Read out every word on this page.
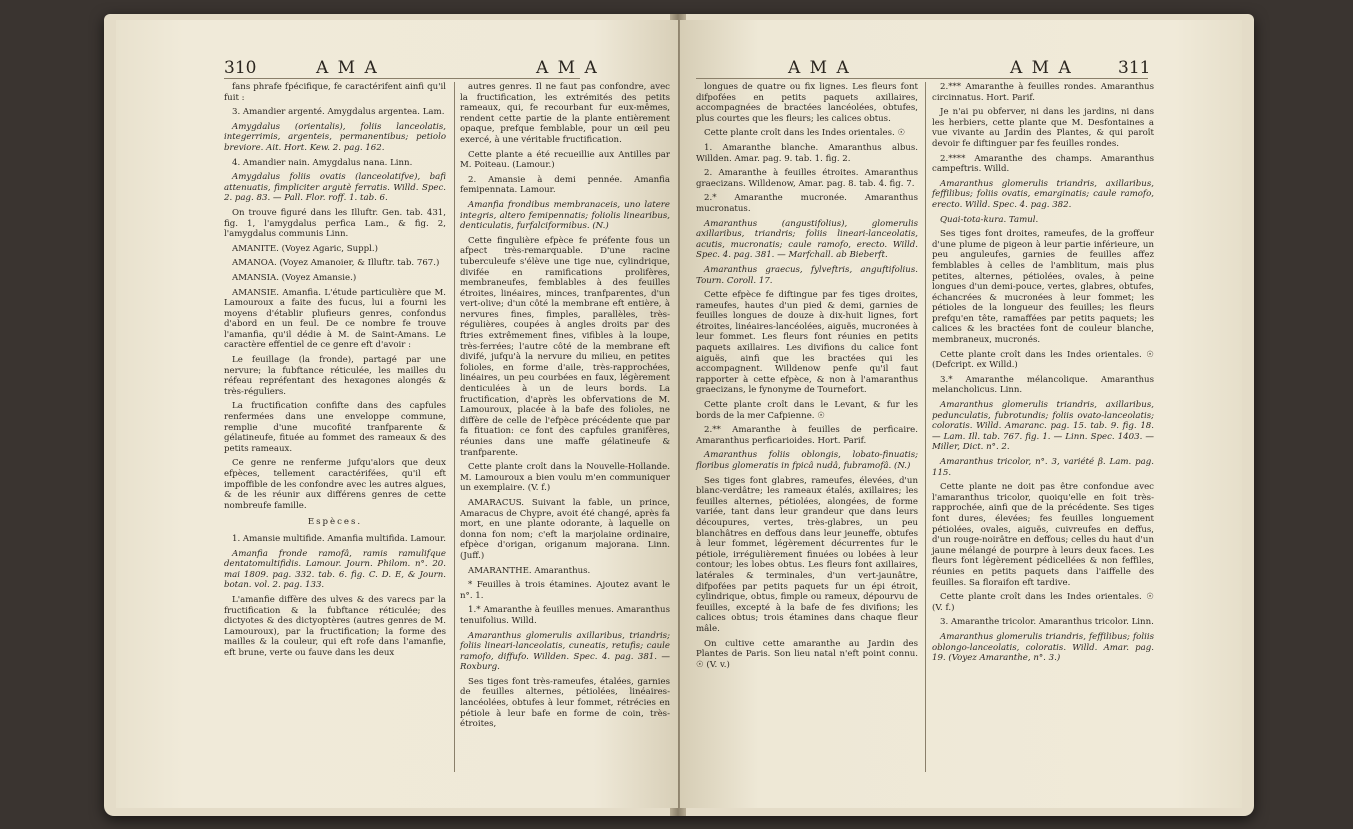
310	A M A	A M A

fans phrafe fpécifique, fe caractérifent ainfi qu'il fuit :

3. Amandier argenté. Amygdalus argentea. Lam.

Amygdalus (orientalis), foliis lanceolatis, integerrimis, argenteis, permanentibus; petiolo breviore. Ait. Hort. Kew. 2. pag. 162.

4. Amandier nain. Amygdalus nana. Linn.

Amygdalus foliis ovatis (lanceolatifve), bafi attenuatis, fimpliciter argutè ferratis. Willd. Spec. 2. pag. 83. — Pall. Flor. roff. 1. tab. 6.

On trouve figuré dans les Illuftr. Gen. tab. 431, fig. 1, l'amygdalus perfica Lam., & fig. 2, l'amygdalus communis Linn.

AMANITE. (Voyez Agaric, Suppl.)

AMANOA. (Voyez Amanoier, & Illuftr. tab. 767.)

AMANSIA. (Voyez Amansie.)

AMANSIE. Amanfia. L'étude particulière que M. Lamouroux a faite des fucus, lui a fourni les moyens d'établir plufieurs genres, confondus d'abord en un feul. De ce nombre fe trouve l'amanfia, qu'il dédie à M. de Saint-Amans. Le caractère effentiel de ce genre eft d'avoir :

Le feuillage (la fronde), partagé par une nervure; la fubftance réticulée, les mailles du réfeau repréfentant des hexagones alongés & très-réguliers.

La fructification confifte dans des capfules renfermées dans une enveloppe commune, remplie d'une mucofité tranfparente & gélatineufe, fituée au fommet des rameaux & des petits rameaux.

Ce genre ne renferme jufqu'alors que deux efpèces, tellement caractérifées, qu'il eft impoffible de les confondre avec les autres algues, & de les réunir aux différens genres de cette nombreufe famille.

Espèces.

1. Amansie multifide. Amanfia multifida. Lamour.

Amanfia fronde ramofâ, ramis ramulifque dentatomultifidis. Lamour. Journ. Philom. n°. 20. mai 1809. pag. 332. tab. 6. fig. C. D. E, & Journ. botan. vol. 2. pag. 133.

L'amanfie diffère des ulves & des varecs par la fructification & la fubftance réticulée; des dictyotes & des dictyoptères (autres genres de M. Lamouroux), par la fructification; la forme des mailles & la couleur, qui eft rofe dans l'amanfie, eft brune, verte ou fauve dans les deux

autres genres. Il ne faut pas confondre, avec la fructification, les extrémités des petits rameaux, qui, fe recourbant fur eux-mêmes, rendent cette partie de la plante entièrement opaque, prefque femblable, pour un œil peu exercé, à une véritable fructification.

Cette plante a été recueillie aux Antilles par M. Poiteau. (Lamour.)

2. Amansie à demi pennée. Amanfia femipennata. Lamour.

Amanfia frondibus membranaceis, uno latere integris, altero femipennatis; foliolis linearibus, denticulatis, furfalciformibus. (N.)

Cette fingulière efpèce fe préfente fous un afpect très-remarquable. D'une racine tuberculeufe s'élève une tige nue, cylindrique, divifée en ramifications prolifères, membraneufes, femblables à des feuilles étroites, linéaires, minces, tranfparentes, d'un vert-olive; d'un côté la membrane eft entière, à nervures fines, fimples, parallèles, très-régulières, coupées à angles droits par des ftries extrêmement fines, vifibles à la loupe, très-ferrées; l'autre côté de la membrane eft divifé, jufqu'à la nervure du milieu, en petites folioles, en forme d'aile, très-rapprochées, linéaires, un peu courbées en faux, légèrement denticulées à un de leurs bords. La fructification, d'après les obfervations de M. Lamouroux, placée à la bafe des folioles, ne diffère de celle de l'efpèce précédente que par fa fituation: ce font des capfules granifères, réunies dans une maffe gélatineufe & tranfparente.

Cette plante croît dans la Nouvelle-Hollande. M. Lamouroux a bien voulu m'en communiquer un exemplaire. (V. f.)

AMARACUS. Suivant la fable, un prince, Amaracus de Chypre, avoit été changé, après fa mort, en une plante odorante, à laquelle on donna fon nom; c'eft la marjolaine ordinaire, efpèce d'origan, origanum majorana. Linn. (Juff.)

AMARANTHE. Amaranthus.

* Feuilles à trois étamines. Ajoutez avant le n°. 1.

1.* Amaranthe à feuilles menues. Amaranthus tenuifolius. Willd.

Amaranthus glomerulis axillaribus, triandris; foliis lineari-lanceolatis, cuneatis, retufis; caule ramofo, diffufo. Willden. Spec. 4. pag. 381. — Roxburg.

Ses tiges font très-rameufes, étalées, garnies de feuilles alternes, pétiolées, linéaires-lancéolées, obtufes à leur fommet, rétrécies en pétiole à leur bafe en forme de coin, très-étroites,

A M A	A M A	311

longues de quatre ou fix lignes. Les fleurs font difpofées en petits paquets axillaires, accompagnées de bractées lancéolées, obtufes, plus courtes que les fleurs; les calices obtus.

Cette plante croît dans les Indes orientales. ☉

1. Amaranthe blanche. Amaranthus albus. Willden. Amar. pag. 9. tab. 1. fig. 2.

2. Amaranthe à feuilles étroites. Amaranthus graecizans. Willdenow, Amar. pag. 8. tab. 4. fig. 7.

2.* Amaranthe mucronée. Amaranthus mucronatus.

Amaranthus (angustifolius), glomerulis axillaribus, triandris; foliis lineari-lanceolatis, acutis, mucronatis; caule ramofo, erecto. Willd. Spec. 4. pag. 381. — Marfchall. ab Bieberft.

Amaranthus graecus, fylveftris, anguftifolius. Tourn. Coroll. 17.

Cette efpèce fe diftingue par fes tiges droites, rameufes, hautes d'un pied & demi, garnies de feuilles longues de douze à dix-huit lignes, fort étroites, linéaires-lancéolées, aiguës, mucronées à leur fommet. Les fleurs font réunies en petits paquets axillaires. Les divifions du calice font aiguës, ainfi que les bractées qui les accompagnent. Willdenow penfe qu'il faut rapporter à cette efpèce, & non à l'amaranthus graecizans, le fynonyme de Tournefort.

Cette plante croît dans le Levant, & fur les bords de la mer Cafpienne. ☉

2.** Amaranthe à feuilles de perficaire. Amaranthus perficarioides. Hort. Parif.

Amaranthus foliis oblongis, lobato-finuatis; floribus glomeratis in fpicâ nudâ, fubramofâ. (N.)

Ses tiges font glabres, rameufes, élevées, d'un blanc-verdâtre; les rameaux étalés, axillaires; les feuilles alternes, pétiolées, alongées, de forme variée, tant dans leur grandeur que dans leurs découpures, vertes, très-glabres, un peu blanchâtres en deffous dans leur jeuneffe, obtufes à leur fommet, légèrement décurrentes fur le pétiole, irrégulièrement finuées ou lobées à leur contour; les lobes obtus. Les fleurs font axillaires, latérales & terminales, d'un vert-jaunâtre, difpofées par petits paquets fur un épi étroit, cylindrique, obtus, fimple ou rameux, dépourvu de feuilles, excepté à la bafe de fes divifions; les calices obtus; trois étamines dans chaque fleur mâle.

On cultive cette amaranthe au Jardin des Plantes de Paris. Son lieu natal n'eft point connu. ☉ (V. v.)

2.*** Amaranthe à feuilles rondes. Amaranthus circinnatus. Hort. Parif.

Je n'ai pu obferver, ni dans les jardins, ni dans les herbiers, cette plante que M. Desfontaines a vue vivante au Jardin des Plantes, & qui paroît devoir fe diftinguer par fes feuilles rondes.

2.**** Amaranthe des champs. Amaranthus campeftris. Willd.

Amaranthus glomerulis triandris, axillaribus, feffilibus; foliis ovatis, emarginatis; caule ramofo, erecto. Willd. Spec. 4. pag. 382.

Quai-tota-kura. Tamul.

Ses tiges font droites, rameufes, de la groffeur d'une plume de pigeon à leur partie inférieure, un peu anguleufes, garnies de feuilles affez femblables à celles de l'amblitum, mais plus petites, alternes, pétiolées, ovales, à peine longues d'un demi-pouce, vertes, glabres, obtufes, échancrées & mucronées à leur fommet; les pétioles de la longueur des feuilles; les fleurs prefqu'en tête, ramaffées par petits paquets; les calices & les bractées font de couleur blanche, membraneux, mucronés.

Cette plante croît dans les Indes orientales. ☉ (Defcript. ex Willd.)

3.* Amaranthe mélancolique. Amaranthus melancholicus. Linn.

Amaranthus glomerulis triandris, axillaribus, pedunculatis, fubrotundis; foliis ovato-lanceolatis; coloratis. Willd. Amaranc. pag. 15. tab. 9. fig. 18. — Lam. Ill. tab. 767. fig. 1. — Linn. Spec. 1403. — Miller, Dict. n°. 2.

Amaranthus tricolor, n°. 3, variété β. Lam. pag. 115.

Cette plante ne doit pas être confondue avec l'amaranthus tricolor, quoiqu'elle en foit très-rapprochée, ainfi que de la précédente. Ses tiges font dures, élevées; fes feuilles longuement pétiolées, ovales, aiguës, cuivreufes en deffus, d'un rouge-noirâtre en deffous; celles du haut d'un jaune mélangé de pourpre à leurs deux faces. Les fleurs font légèrement pédicellées & non feffiles, réunies en petits paquets dans l'aiffelle des feuilles. Sa floraifon eft tardive.

Cette plante croît dans les Indes orientales. ☉ (V. f.)

3. Amaranthe tricolor. Amaranthus tricolor. Linn.

Amaranthus glomerulis triandris, feffilibus; foliis oblongo-lanceolatis, coloratis. Willd. Amar. pag. 19. (Voyez Amaranthe, n°. 3.)
